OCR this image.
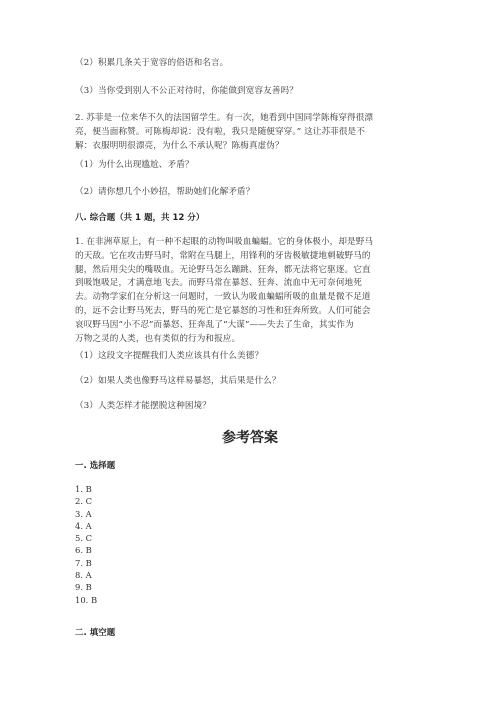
（2）积累几条关于宽容的俗语和名言。

（3）当你受到别人不公正对待时，你能做到宽容友善吗？

2. 苏菲是一位来华不久的法国留学生。有一次，她看到中国同学陈梅穿得很漂
亮，便当面称赞。可陈梅却说：没有啦，我只是随便穿穿。” 这让苏菲很是不
解：衣服明明很漂亮，为什么不承认呢？陈梅真虚伪？

（1）为什么出现尴尬、矛盾？

（2）请你想几个小妙招，帮助她们化解矛盾？

八. 综合题（共 1 题，共 12 分）

1. 在非洲草原上，有一种不起眼的动物叫吸血蝙蝠。它的身体极小，却是野马
的天敌。它在攻击野马时，常附在马腿上，用锋利的牙齿极敏捷地刺破野马的
腿，然后用尖尖的嘴吸血。无论野马怎么蹦跳、狂奔，都无法将它驱逐。它直
到吸饱吸足，才满意地飞去。而野马常在暴怒、狂奔、流血中无可奈何地死
去。动物学家们在分析这一问题时，一致认为吸血蝙蝠所吸的血量是微不足道
的，远不会让野马死去，野马的死亡是它暴怒的习性和狂奔所致。人们可能会
哀叹野马因“小不忍”而暴怒、狂奔乱了“大谋”——失去了生命，其实作为
万物之灵的人类，也有类似的行为和报应。

（1）这段文字提醒我们人类应该具有什么美德？

（2）如果人类也像野马这样易暴怒，其后果是什么？

（3）人类怎样才能摆脱这种困境？

参考答案

一. 选择题

1. B
2. C
3. A
4. A
5. C
6. B
7. B
8. A
9. B
10. B

二. 填空题
